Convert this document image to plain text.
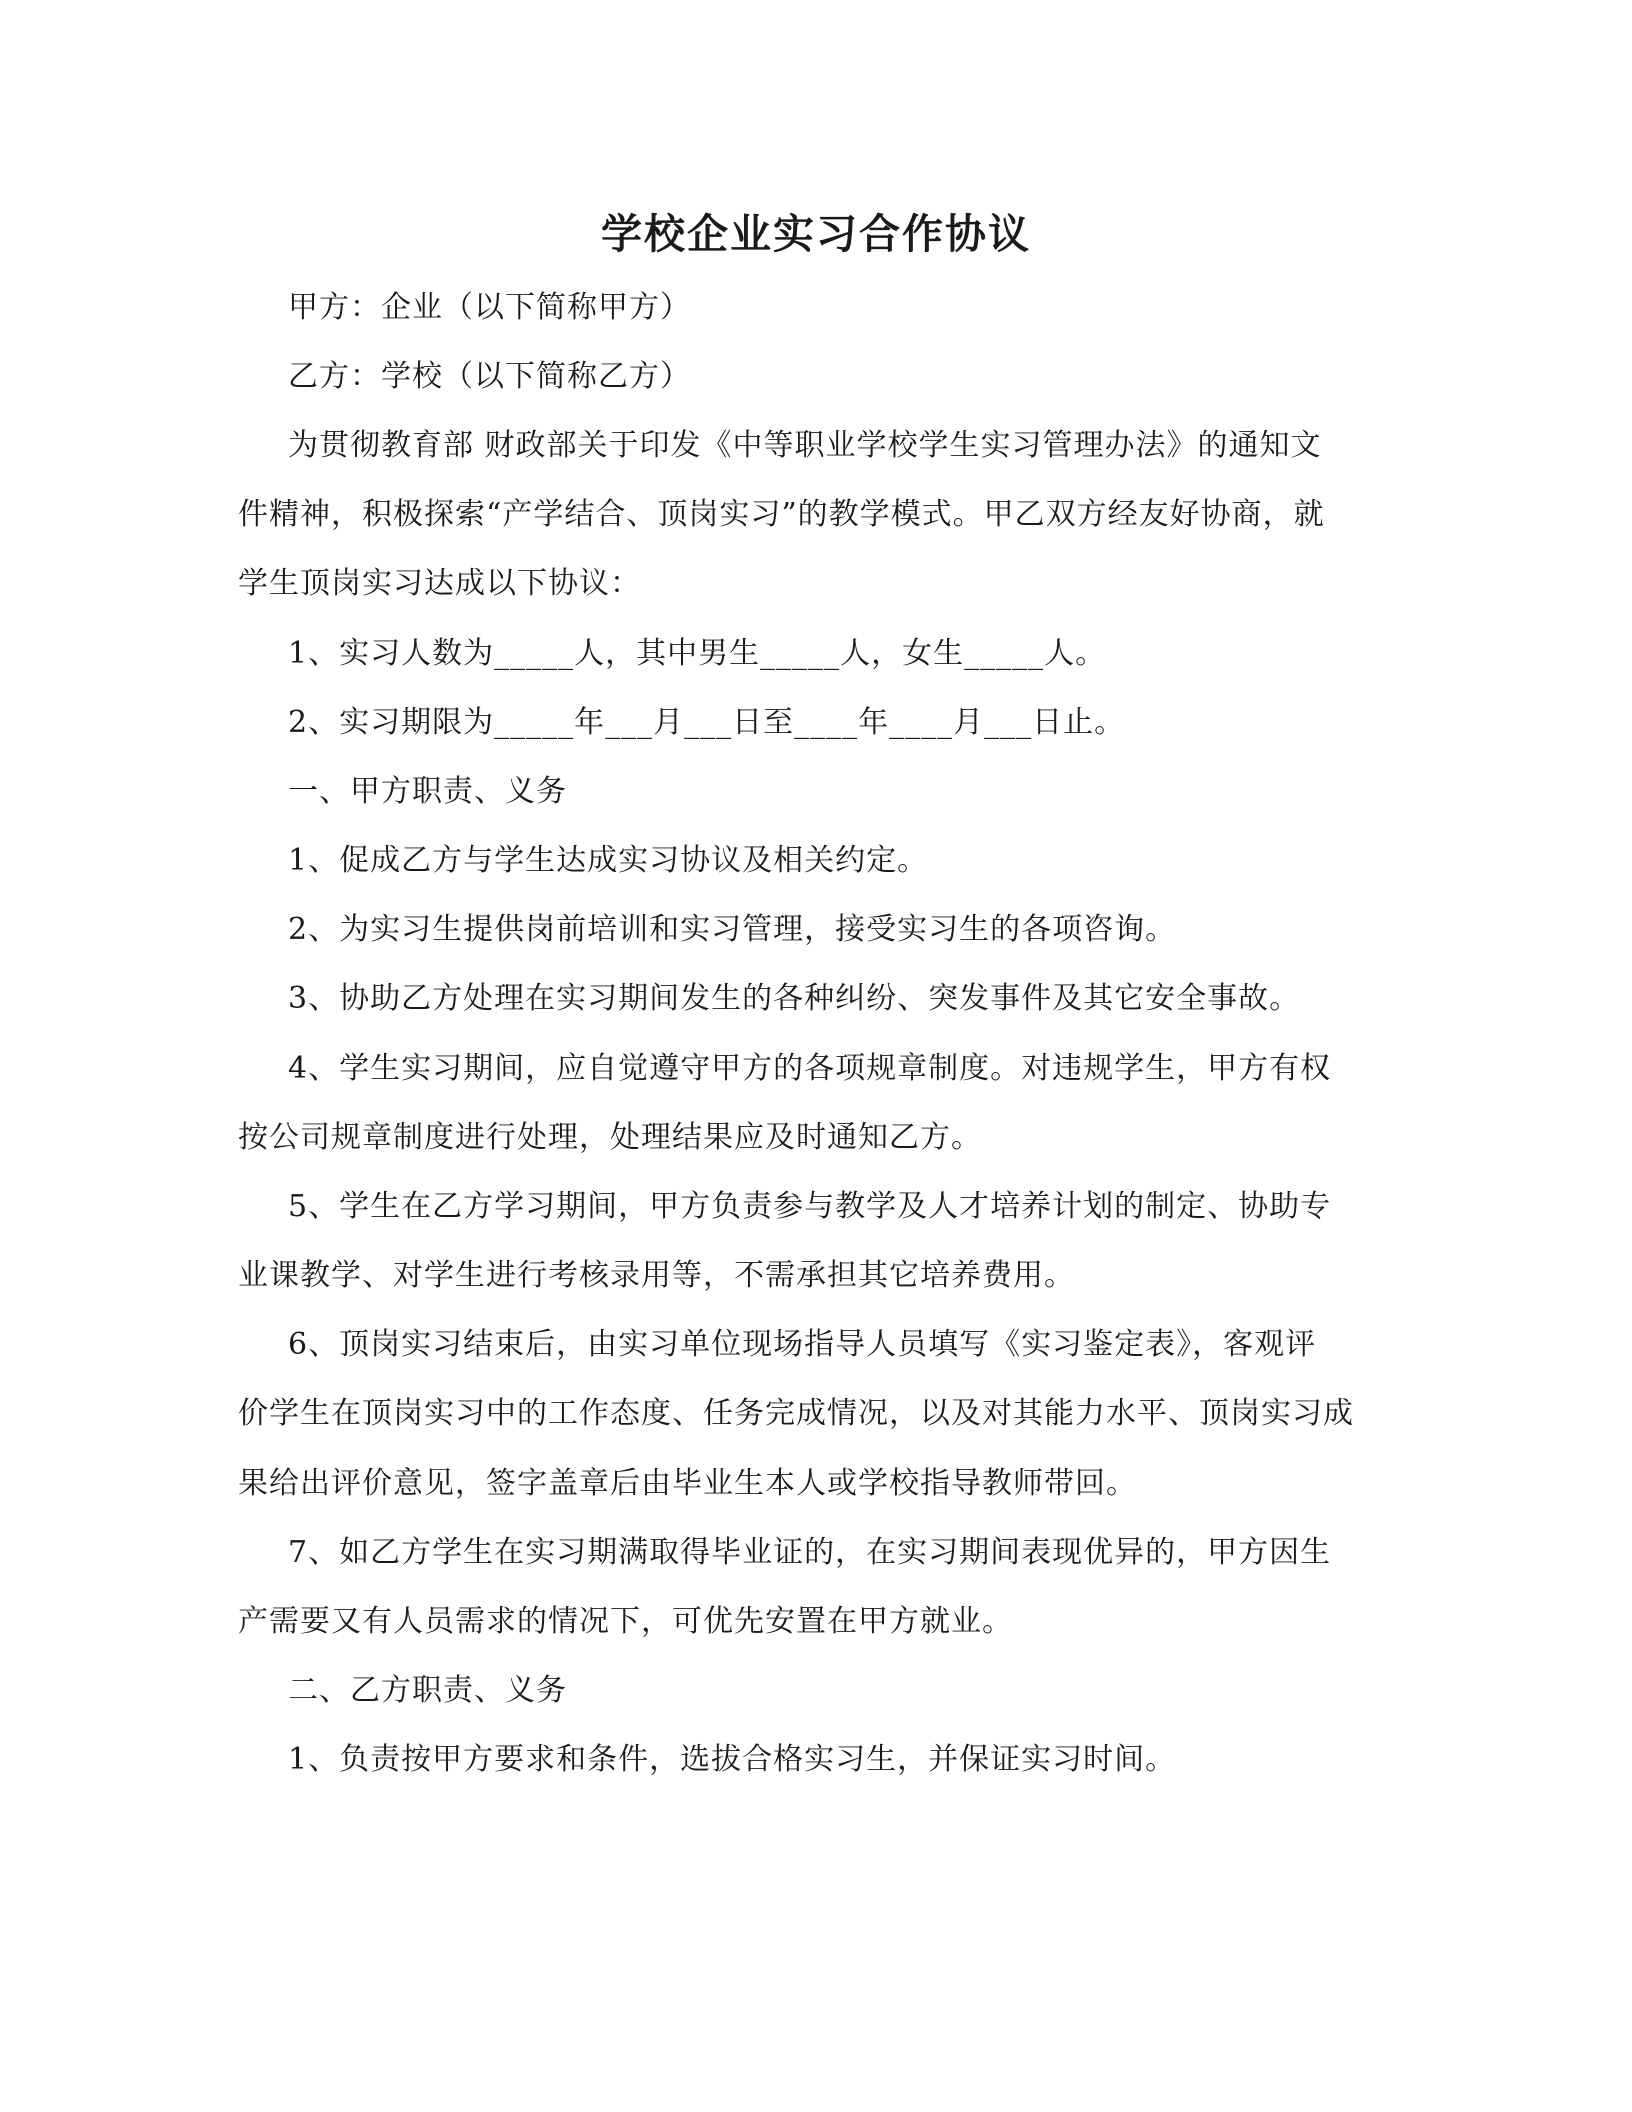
学校企业实习合作协议
甲方：企业（以下简称甲方）
乙方：学校（以下简称乙方）
为贯彻教育部 财政部关于印发《中等职业学校学生实习管理办法》的通知文
件精神，积极探索“产学结合、顶岗实习”的教学模式。甲乙双方经友好协商，就
学生顶岗实习达成以下协议：
1、实习人数为_____人，其中男生_____人，女生_____人。
2、实习期限为_____年___月___日至____年____月___日止。
一、甲方职责、义务
1、促成乙方与学生达成实习协议及相关约定。
2、为实习生提供岗前培训和实习管理，接受实习生的各项咨询。
3、协助乙方处理在实习期间发生的各种纠纷、突发事件及其它安全事故。
4、学生实习期间，应自觉遵守甲方的各项规章制度。对违规学生，甲方有权
按公司规章制度进行处理，处理结果应及时通知乙方。
5、学生在乙方学习期间，甲方负责参与教学及人才培养计划的制定、协助专
业课教学、对学生进行考核录用等，不需承担其它培养费用。
6、顶岗实习结束后，由实习单位现场指导人员填写《实习鉴定表》，客观评
价学生在顶岗实习中的工作态度、任务完成情况，以及对其能力水平、顶岗实习成
果给出评价意见，签字盖章后由毕业生本人或学校指导教师带回。
7、如乙方学生在实习期满取得毕业证的，在实习期间表现优异的，甲方因生
产需要又有人员需求的情况下，可优先安置在甲方就业。
二、乙方职责、义务
1、负责按甲方要求和条件，选拔合格实习生，并保证实习时间。
